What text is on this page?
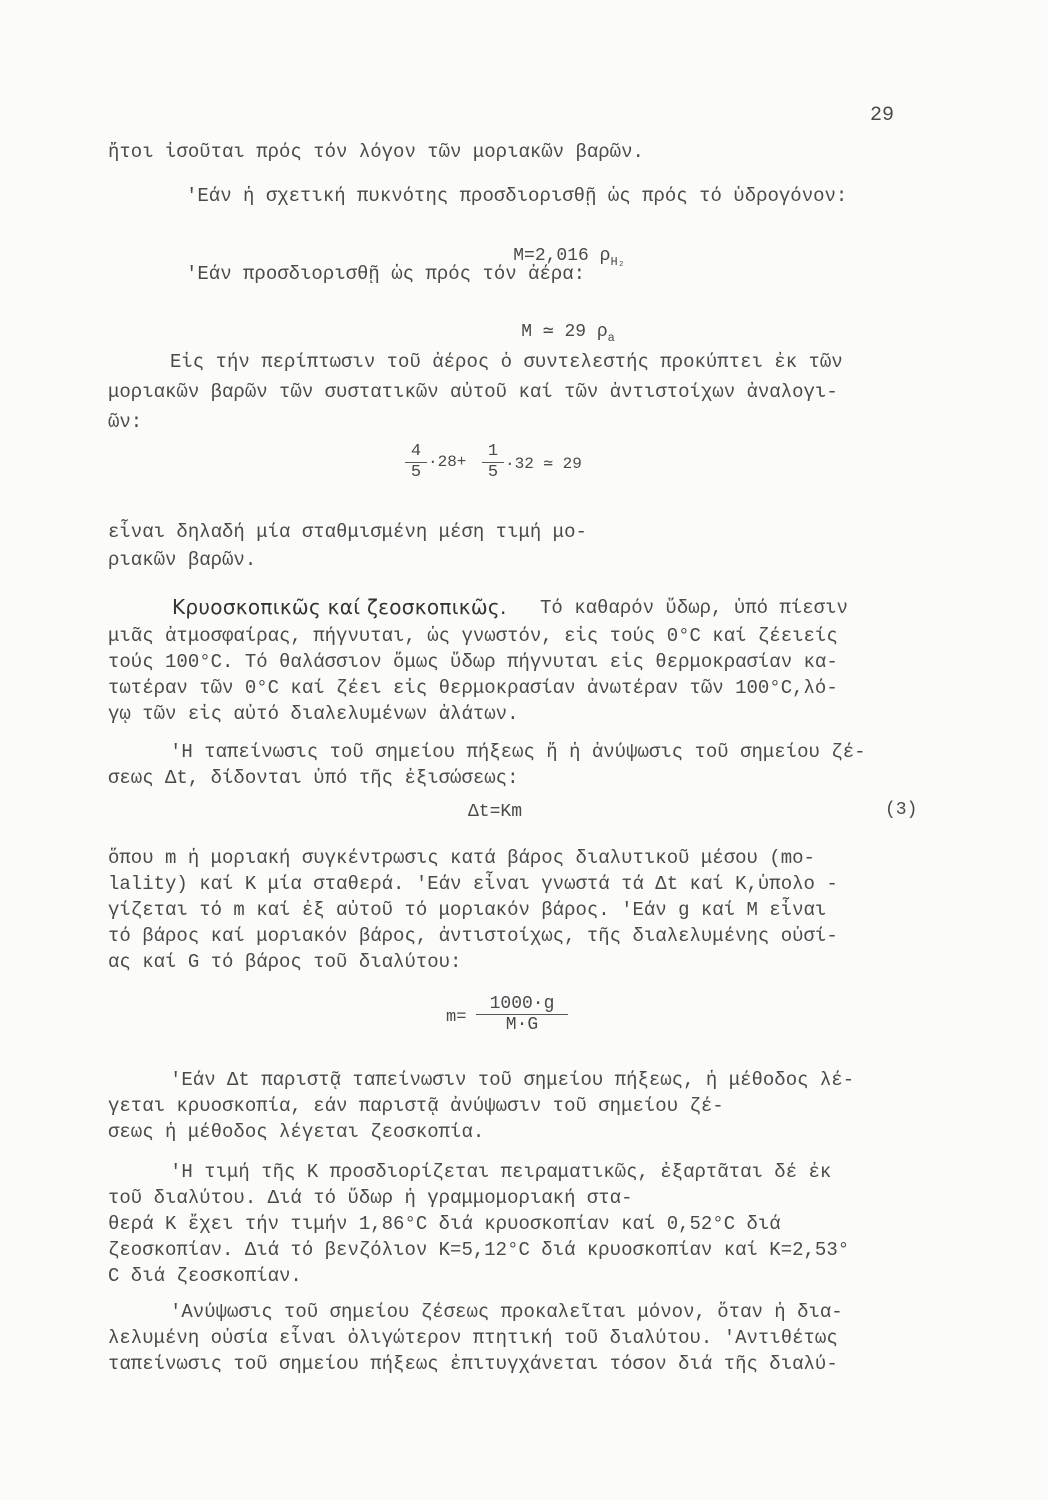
29
ἤτοι ἰσοῦται πρός τόν λόγον τῶν μοριακῶν βαρῶν.
'Εάν ἡ σχετική πυκνότης προσδιορισθῇ ὡς πρός τό ὑδρογόνον:

M=2,016 $\rho_{H_2}$

'Εάν προσδιορισθῇ ὡς πρός τόν ἀέρα:

M ≃ 29 $\rho_a$

Εἰς τήν περίπτωσιν τοῦ ἀέρος ὁ συντελεστής προκύπτει ἐκ τῶν
μοριακῶν βαρῶν τῶν συστατικῶν αὐτοῦ καί τῶν ἀντιστοίχων ἀναλογι-
ῶν:
$\frac{4}{5} \cdot 28+ \frac{1}{5} \cdot 32$ ≃ 29
εἶναι δηλαδή μία σταθμισμένη μέση τιμή μο-
ριακῶν βαρῶν.
Κρυοσκοπικῶς καί ζεοσκοπικῶς. Τό καθαρόν ὕδωρ, ὑπό πίεσιν
μιᾶς ἀτμοσφαίρας, πήγνυται, ὡς γνωστόν, εἰς τούς 0°C καί ζέειείς
τούς 100°C. Τό θαλάσσιον ὅμως ὕδωρ πήγνυται εἰς θερμοκρασίαν κα-
τωτέραν τῶν 0°C καί ζέει εἰς θερμοκρασίαν ἀνωτέραν τῶν 100°C,λό-
γῳ τῶν εἰς αὐτό διαλελυμένων ἀλάτων.
'Η ταπείνωσις τοῦ σημείου πήξεως ἤ ἡ ἀνύψωσις τοῦ σημείου ζέ-
σεως Δt, δίδονται ὑπό τῆς ἐξισώσεως:
Δt=Km	(3)
ὅπου m ἡ μοριακή συγκέντρωσις κατά βάρος διαλυτικοῦ μέσου (mo-
lality) καί K μία σταθερά. 'Εάν εἶναι γνωστά τά Δt καί K,ὑπολο -
γίζεται τό m καί ἐξ αὐτοῦ τό μοριακόν βάρος. 'Εάν g καί M εἶναι
τό βάρος καί μοριακόν βάρος, ἀντιστοίχως, τῆς διαλελυμένης οὐσί-
ας καί G τό βάρος τοῦ διαλύτου:
$m= \frac{1000\cdot g}{M\cdot G}$
'Εάν Δt παριστᾷ ταπείνωσιν τοῦ σημείου πήξεως, ἡ μέθοδος λέ-
γεται κρυοσκοπία, εάν παριστᾷ ἀνύψωσιν τοῦ σημείου ζέ-
σεως ἡ μέθοδος λέγεται ζεοσκοπία.
'Η τιμή τῆς K προσδιορίζεται πειραματικῶς, ἐξαρτᾶται δέ ἐκ
τοῦ διαλύτου. Διά τό ὕδωρ ἡ γραμμομοριακή στα-
θερά K ἔχει τήν τιμήν 1,86°C διά κρυοσκοπίαν καί 0,52°C διά
ζεοσκοπίαν. Διά τό βενζόλιον K=5,12°C διά κρυοσκοπίαν καί K=2,53°
C διά ζεοσκοπίαν.
'Ανύψωσις τοῦ σημείου ζέσεως προκαλεῖται μόνον, ὅταν ἡ δια-
λελυμένη οὐσία εἶναι ὀλιγώτερον πτητική τοῦ διαλύτου. 'Αντιθέτως
ταπείνωσις τοῦ σημείου πήξεως ἐπιτυγχάνεται τόσον διά τῆς διαλύ-
